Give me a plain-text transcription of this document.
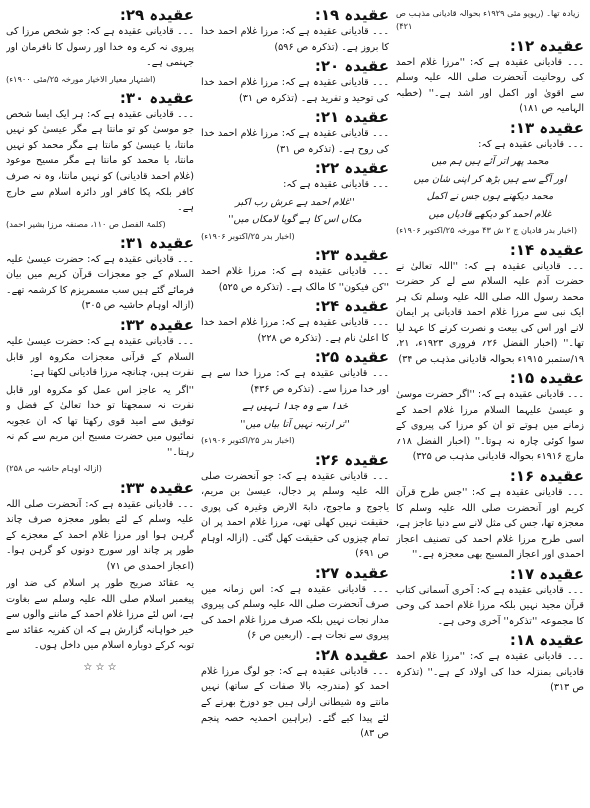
زیادہ تھا۔ (ریویو مئی ۱۹۲۹ء بحوالہ قادیانی مذہب ص ۴۲۱)
عقیدہ ۱۲:

۔۔۔ قادیانی عقیدہ ہے کہ: ''مرزا غلام احمد کی روحانیت آنحضرت صلی اللہ علیہ وسلم سے اقویٰ اور اکمل اور اشد ہے۔'' (خطبہ الہامیہ ص ۱۸۱)

عقیدہ ۱۳:

۔۔۔ قادیانی عقیدہ ہے کہ:

محمد پھر اتر آئے ہیں ہم میں

اور آگے سے ہیں بڑھ کر اپنی شان میں

محمد دیکھنے ہوں جس نے اکمل

غلام احمد کو دیکھے قادیاں میں

(اخبار بدر قادیان ج ۲ ش ۴۳ مورخہ ۲۵/اکتوبر ۱۹۰۶ء)
عقیدہ ۱۴:

۔۔۔ قادیانی عقیدہ ہے کہ: ''اللہ تعالیٰ نے حضرت آدم علیہ السلام سے لے کر حضرت محمد رسول اللہ صلی اللہ علیہ وسلم تک ہر ایک نبی سے مرزا غلام احمد قادیانی پر ایمان لانے اور اس کی بیعت و نصرت کرنے کا عہد لیا تھا۔'' (اخبار الفضل ۲۶؍ فروری ۱۹۲۳ء، ۲۱، ۱۹/ستمبر ۱۹۱۵ء بحوالہ قادیانی مذہب ص ۳۴)

عقیدہ ۱۵:

۔۔۔ قادیانی عقیدہ ہے کہ: ''اگر حضرت موسیٰ و عیسیٰ علیہما السلام مرزا غلام احمد کے زمانے میں ہوتے تو ان کو مرزا کی پیروی کے سوا کوئی چارہ نہ ہوتا۔'' (اخبار الفضل ۱۸؍ مارچ ۱۹۱۶ء بحوالہ قادیانی مذہب ص ۳۲۵)

عقیدہ ۱۶:

۔۔۔ قادیانی عقیدہ ہے کہ: ''جس طرح قرآن کریم اور آنحضرت صلی اللہ علیہ وسلم کا معجزہ تھا، جس کی مثل لانے سے دنیا عاجز ہے، اسی طرح مرزا غلام احمد کی تصنیف اعجاز احمدی اور اعجاز المسیح بھی معجزہ ہے۔''

عقیدہ ۱۷:

۔۔۔ قادیانی عقیدہ ہے کہ: آخری آسمانی کتاب قرآن مجید نہیں بلکہ مرزا غلام احمد کی وحی کا مجموعہ ''تذکرہ'' آخری وحی ہے۔

عقیدہ ۱۸:

۔۔۔ قادیانی عقیدہ ہے کہ: ''مرزا غلام احمد قادیانی بمنزلہ خدا کی اولاد کے ہے۔'' (تذکرہ ص ۳۱۳)

عقیدہ ۱۹:

۔۔۔ قادیانی عقیدہ ہے کہ: مرزا غلام احمد خدا کا بروز ہے۔ (تذکرہ ص ۵۹۶)

عقیدہ ۲۰:

۔۔۔ قادیانی عقیدہ ہے کہ: مرزا غلام احمد خدا کی توحید و تفرید ہے۔ (تذکرہ ص ۳۱)

عقیدہ ۲۱:

۔۔۔ قادیانی عقیدہ ہے کہ: مرزا غلام احمد خدا کی روح ہے۔ (تذکرہ ص ۳۱)

عقیدہ ۲۲:

۔۔۔ قادیانی عقیدہ ہے کہ:

''غلام احمد ہے عرش رب اکبر

مکاں اس کا ہے گویا لامکاں میں''

(اخبار بدر ۲۵/اکتوبر ۱۹۰۶ء)
عقیدہ ۲۳:

۔۔۔ قادیانی عقیدہ ہے کہ: مرزا غلام احمد ''کن فیکون'' کا مالک ہے۔ (تذکرہ ص ۵۲۵)

عقیدہ ۲۴:

۔۔۔ قادیانی عقیدہ ہے کہ: مرزا غلام احمد خدا کا اعلیٰ نام ہے۔ (تذکرہ ص ۲۲۸)

عقیدہ ۲۵:

۔۔۔ قادیانی عقیدہ ہے کہ: مرزا خدا سے ہے اور خدا مرزا سے۔ (تذکرہ ص ۴۳۶)

خدا سے وہ جدا نہیں ہے

''تر ارتبہ نہیں آتا بیاں میں''

(اخبار بدر ۲۵/اکتوبر ۱۹۰۶ء)
عقیدہ ۲۶:

۔۔۔ قادیانی عقیدہ ہے کہ: جو آنحضرت صلی اللہ علیہ وسلم پر دجال، عیسیٰ بن مریم، یاجوج و ماجوج، دابۃ الارض وغیرہ کی پوری حقیقت نہیں کھلی تھی، مرزا غلام احمد پر ان تمام چیزوں کی حقیقت کھل گئی۔ (ازالہ اوہام ص ۶۹۱)

عقیدہ ۲۷:

۔۔۔ قادیانی عقیدہ ہے کہ: اس زمانہ میں صرف آنحضرت صلی اللہ علیہ وسلم کی پیروی مدار نجات نہیں بلکہ صرف مرزا غلام احمد کی پیروی سے نجات ہے۔ (اربعین ص ۶)

عقیدہ ۲۸:

۔۔۔ قادیانی عقیدہ ہے کہ: جو لوگ مرزا غلام احمد کو (مندرجہ بالا صفات کے ساتھ) نہیں مانتے وہ شیطانی ازلی ہیں جو دوزخ بھرنے کے لئے پیدا کیے گئے۔ (براہین احمدیہ حصہ پنجم ص ۸۳)

عقیدہ ۲۹:

۔۔۔ قادیانی عقیدہ ہے کہ: جو شخص مرزا کی پیروی نہ کرے وہ خدا اور رسول کا نافرمان اور جہنمی ہے۔

(اشتہار معیار الاخیار مورخہ ۲۵/مئی ۱۹۰۰ء)
عقیدہ ۳۰:

۔۔۔ قادیانی عقیدہ ہے کہ: ہر ایک ایسا شخص جو موسیٰ کو تو مانتا ہے مگر عیسیٰ کو نہیں مانتا، یا عیسیٰ کو مانتا ہے مگر محمد کو نہیں مانتا، یا محمد کو مانتا ہے مگر مسیح موعود (غلام احمد قادیانی) کو نہیں مانتا، وہ نہ صرف کافر بلکہ پکا کافر اور دائرہ اسلام سے خارج ہے۔

(کلمۃ الفصل ص ۱۱۰، مصنفہ مرزا بشیر احمد)
عقیدہ ۳۱:

۔۔۔ قادیانی عقیدہ ہے کہ: حضرت عیسیٰ علیہ السلام کے جو معجزات قرآن کریم میں بیان فرمائے گئے ہیں سب مسمریزم کا کرشمہ تھے۔ (ازالہ اوہام حاشیہ ص ۳۰۵)

عقیدہ ۳۲:

۔۔۔ قادیانی عقیدہ ہے کہ: حضرت عیسیٰ علیہ السلام کے قرآنی معجزات مکروہ اور قابل نفرت ہیں، چنانچہ مرزا قادیانی لکھتا ہے:

''اگر یہ عاجز اس عمل کو مکروہ اور قابل نفرت نہ سمجھتا تو خدا تعالیٰ کے فضل و توفیق سے امید قوی رکھتا تھا کہ ان عجوبہ نمائیوں میں حضرت مسیح ابن مریم سے کم نہ رہتا۔''

(ازالہ اوہام حاشیہ ص ۲۵۸)
عقیدہ ۳۳:

۔۔۔ قادیانی عقیدہ ہے کہ: آنحضرت صلی اللہ علیہ وسلم کے لئے بطور معجزہ صرف چاند گرہن ہوا اور مرزا غلام احمد کے معجزے کے طور پر چاند اور سورج دونوں کو گرہن ہوا۔ (اعجاز احمدی ص ۷۱)

یہ عقائد صریح طور پر اسلام کی ضد اور پیغمبر اسلام صلی اللہ علیہ وسلم سے بغاوت ہے، اس لئے مرزا غلام احمد کے ماننے والوں سے خیر خواہانہ گزارش ہے کہ ان کفریہ عقائد سے توبہ کرکے دوبارہ اسلام میں داخل ہوں۔

☆ ☆ ☆
